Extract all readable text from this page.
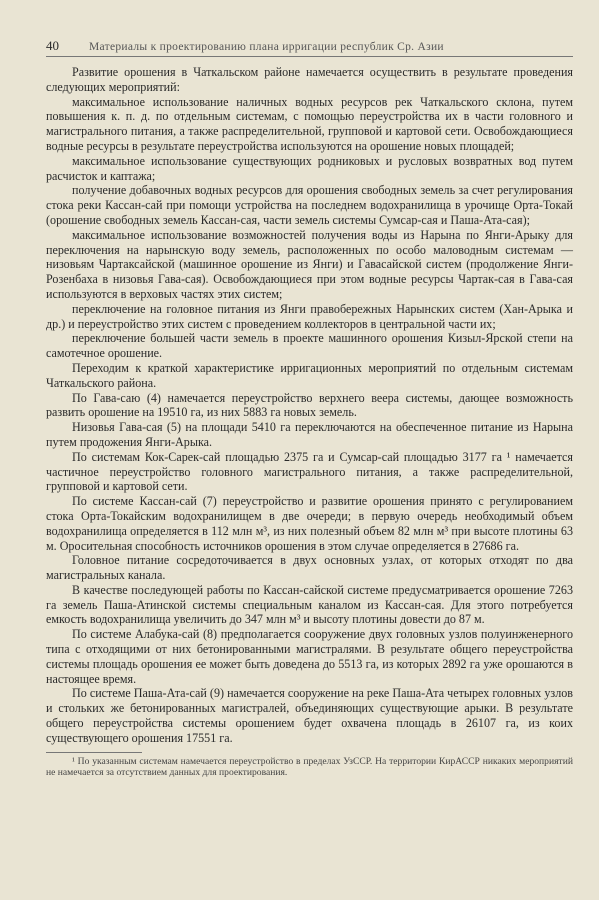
40	Материалы к проектированию плана ирригации республик Ср. Азии

Развитие орошения в Чаткальском районе намечается осуществить в результате проведения следующих мероприятий:

максимальное использование наличных водных ресурсов рек Чаткальского склона, путем повышения к. п. д. по отдельным системам, с помощью переустройства их в части головного и магистрального питания, а также распределительной, групповой и картовой сети. Освобождающиеся водные ресурсы в результате переустройства используются на орошение новых площадей;

максимальное использование существующих родниковых и русловых возвратных вод путем расчисток и каптажа;

получение добавочных водных ресурсов для орошения свободных земель за счет регулирования стока реки Кассан-сай при помощи устройства на последнем водохранилища в урочище Орта-Токай (орошение свободных земель Кассан-сая, части земель системы Сумсар-сая и Паша-Ата-сая);

максимальное использование возможностей получения воды из Нарына по Янги-Арыку для переключения на нарынскую воду земель, расположенных по особо маловодным системам — низовьям Чартаксайской (машинное орошение из Янги) и Гавасайской систем (продолжение Янги-Розенбаха в низовья Гава-сая). Освобождающиеся при этом водные ресурсы Чартак-сая в Гава-сая используются в верховых частях этих систем;

переключение на головное питания из Янги правобережных Нарынских систем (Хан-Арыка и др.) и переустройство этих систем с проведением коллекторов в центральной части их;

переключение большей части земель в проекте машинного орошения Кизыл-Ярской степи на самотечное орошение.

Переходим к краткой характеристике ирригационных мероприятий по отдельным системам Чаткальского района.

По Гава-саю (4) намечается переустройство верхнего веера системы, дающее возможность развить орошение на 19510 га, из них 5883 га новых земель.

Низовья Гава-сая (5) на площади 5410 га переключаются на обеспеченное питание из Нарына путем продожения Янги-Арыка.

По системам Кок-Сарек-сай площадью 2375 га и Сумсар-сай площадью 3177 га ¹ намечается частичное переустройство головного магистрального питания, а также распределительной, групповой и картовой сети.

По системе Кассан-сай (7) переустройство и развитие орошения принято с регулированием стока Орта-Токайским водохранилищем в две очереди; в первую очередь необходимый объем водохранилища определяется в 112 млн м³, из них полезный объем 82 млн м³ при высоте плотины 63 м. Оросительная способность источников орошения в этом случае определяется в 27686 га.

Головное питание сосредоточивается в двух основных узлах, от которых отходят по два магистральных канала.

В качестве последующей работы по Кассан-сайской системе предусматривается орошение 7263 га земель Паша-Атинской системы специальным каналом из Кассан-сая. Для этого потребуется емкость водохранилища увеличить до 347 млн м³ и высоту плотины довести до 87 м.

По системе Алабука-сай (8) предполагается сооружение двух головных узлов полуинженерного типа с отходящими от них бетонированными магистралями. В результате общего переустройства системы площадь орошения ее может быть доведена до 5513 га, из которых 2892 га уже орошаются в настоящее время.

По системе Паша-Ата-сай (9) намечается сооружение на реке Паша-Ата четырех головных узлов и стольких же бетонированных магистралей, объединяющих существующие арыки. В результате общего переустройства системы орошением будет охвачена площадь в 26107 га, из коих существующего орошения 17551 га.

¹ По указанным системам намечается переустройство в пределах УзССР. На территории КирАССР никаких мероприятий не намечается за отсутствием данных для проектирования.
